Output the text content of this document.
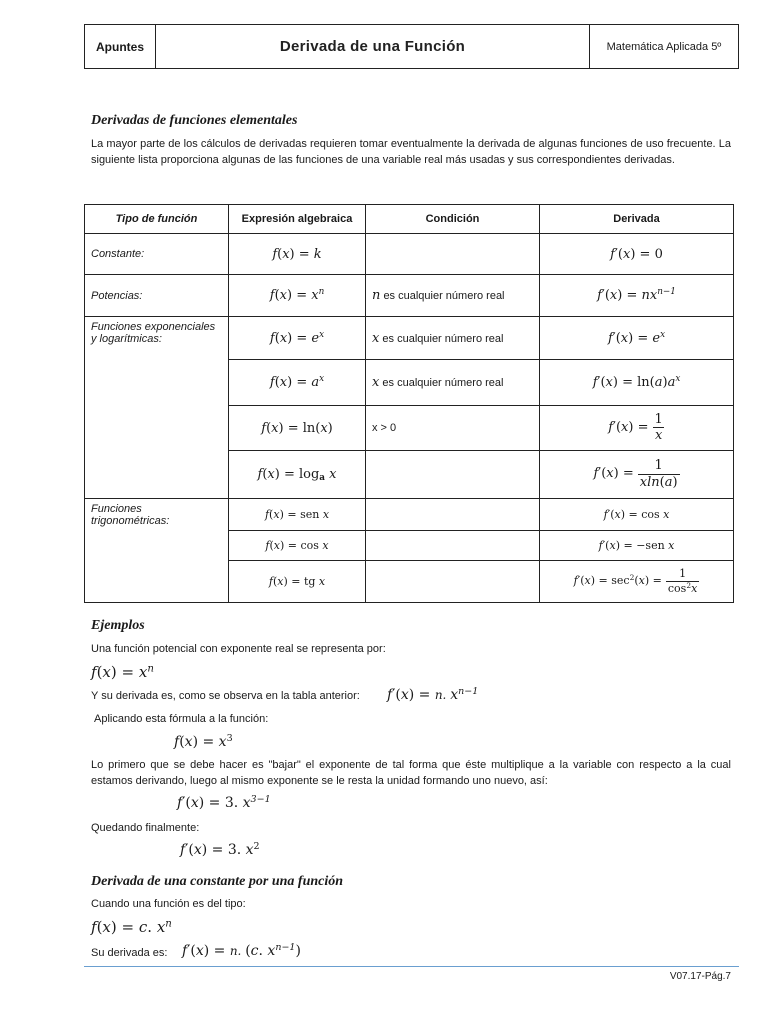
Apuntes	Derivada de una Función	Matemática Aplicada 5º
Derivadas de funciones elementales
La mayor parte de los cálculos de derivadas requieren tomar eventualmente la derivada de algunas funciones de uso frecuente. La siguiente lista proporciona algunas de las funciones de una variable real más usadas y sus correspondientes derivadas.
Tipo de función	Expresión algebraica	Condición	Derivada
Constante:	f(x) = k		f′(x) = 0
Potencias:	$f(x) = x^n$	n es cualquier número real	$f'(x) = nx^{n-1}$
Funciones exponenciales y logarítmicas:	$f(x) = e^x$	x es cualquier número real	$f'(x) = e^x$
	$f(x) = a^x$	x es cualquier número real	$f'(x) = \ln(a)a^x$
	f(x) = ln(x)	x > 0	$f'(x) = \frac{1}{x}$

	$f(x) = \log_a x$		$f'(x) = \frac{1}{xln(a)}$

Funciones trigonométricas:	f(x) = sen x		f′(x) = cos x
	f(x) = cos x		f′(x) = −sen x
	f(x) = tg x		$f'(x) = \sec^2(x) = \frac{1}{\cos^2x}$
Ejemplos
Una función potencial con exponente real se representa por:
$f(x) = x^n$
Y su derivada es, como se observa en la tabla anterior: f′(x) = n. $x^{n-1}$
Aplicando esta fórmula a la función:
$f(x) = x^3$
Lo primero que se debe hacer es "bajar" el exponente de tal forma que éste multiplique a la variable con respecto a la cual estamos derivando, luego al mismo exponente se le resta la unidad formando uno nuevo, así:
f′(x) = 3. $x^{3-1}$
Quedando finalmente:
f′(x) = 3. $x^2$
Derivada de una constante por una función
Cuando una función es del tipo:
f(x) = c. $x^n$
Su derivada es: f′(x) = n. (c. $x^{n-1}$)
V07.17-Pág.7
